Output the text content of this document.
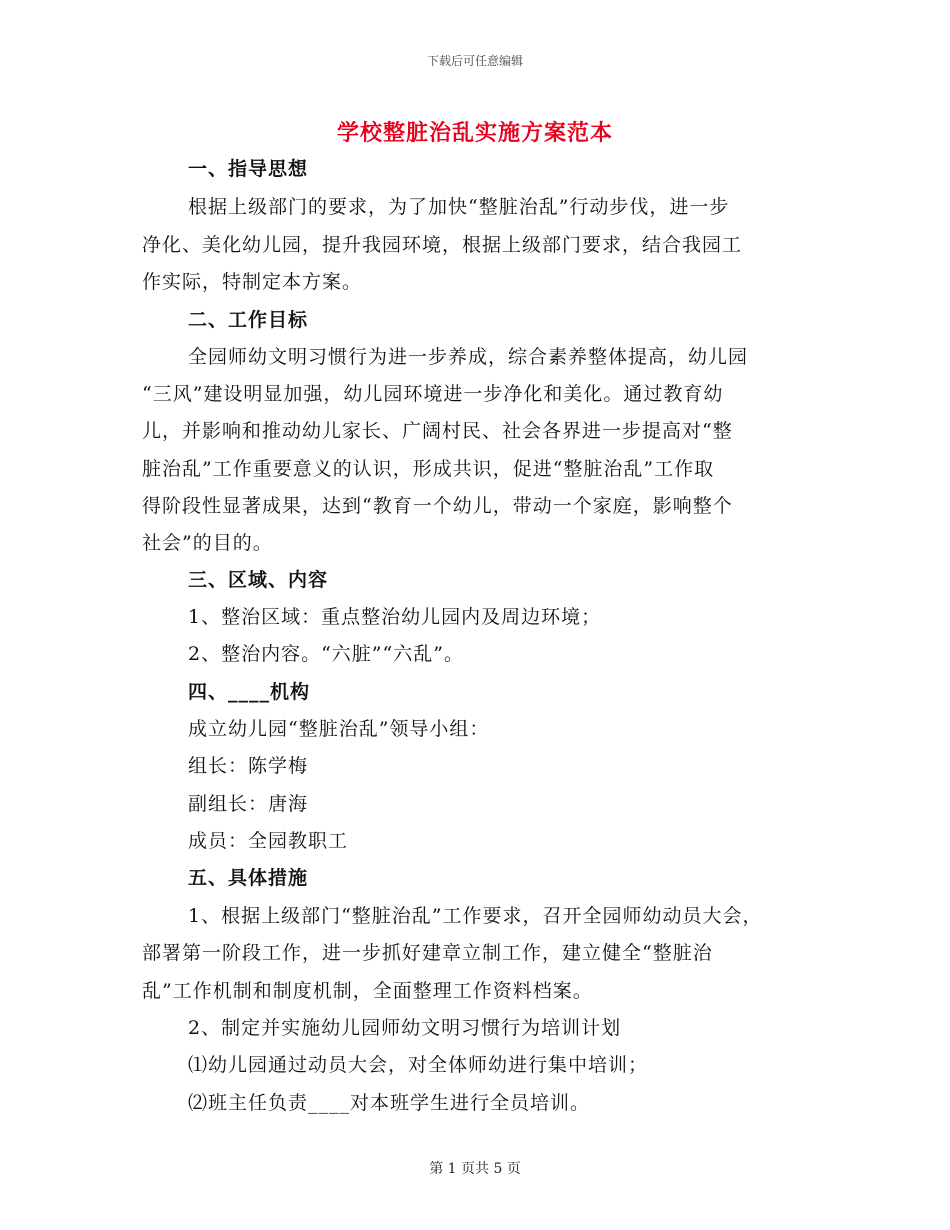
下载后可任意编辑
学校整脏治乱实施方案范本
一、指导思想
根据上级部门的要求，为了加快“整脏治乱”行动步伐，进一步
净化、美化幼儿园，提升我园环境，根据上级部门要求，结合我园工
作实际，特制定本方案。
二、工作目标
全园师幼文明习惯行为进一步养成，综合素养整体提高，幼儿园
“三风”建设明显加强，幼儿园环境进一步净化和美化。通过教育幼
儿，并影响和推动幼儿家长、广阔村民、社会各界进一步提高对“整
脏治乱”工作重要意义的认识，形成共识，促进“整脏治乱”工作取
得阶段性显著成果，达到“教育一个幼儿，带动一个家庭，影响整个
社会”的目的。
三、区域、内容
1、整治区域：重点整治幼儿园内及周边环境；
2、整治内容。“六脏”“六乱”。
四、____机构
成立幼儿园“整脏治乱”领导小组：
组长：陈学梅
副组长：唐海
成员：全园教职工
五、具体措施
1、根据上级部门“整脏治乱”工作要求，召开全园师幼动员大会，
部署第一阶段工作，进一步抓好建章立制工作，建立健全“整脏治
乱”工作机制和制度机制，全面整理工作资料档案。
2、制定并实施幼儿园师幼文明习惯行为培训计划
⑴幼儿园通过动员大会，对全体师幼进行集中培训；
⑵班主任负责____对本班学生进行全员培训。
第 1 页共 5 页
